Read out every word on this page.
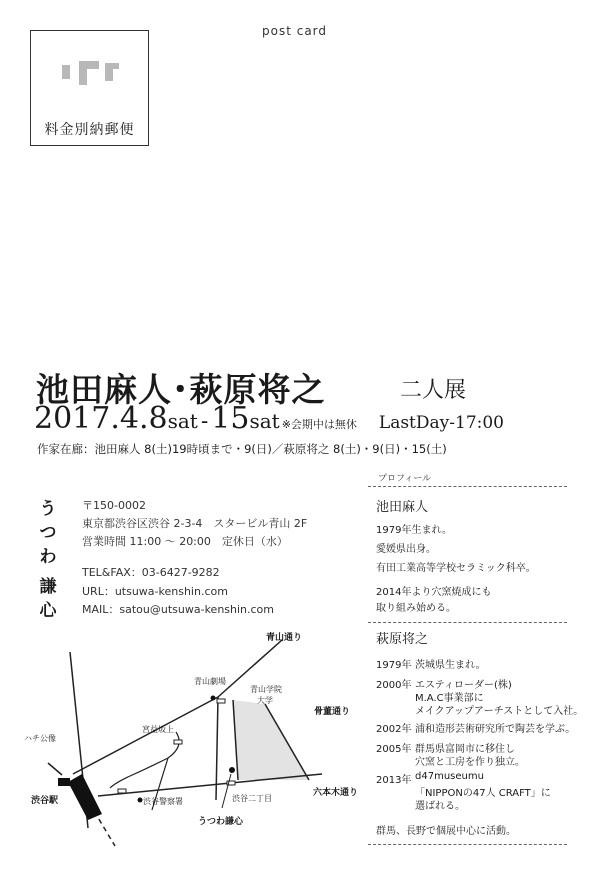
post card
料金別納郵便
池田麻人･萩原将之	二人展
2017.4.8sat - 15sat ※会期中は無休 LastDay-17:00
作家在廊：池田麻人 8(土)19時頃まで・9(日)／萩原将之 8(土)・9(日)・15(土)
う
つ
わ
謙
心
〒150-0002
東京都渋谷区渋谷 2-3-4　スタービル青山 2F
営業時間 11:00 ～ 20:00　定休日（水）
TEL&FAX：03-6427-9282
URL：utsuwa-kenshin.com
MAIL：satou@utsuwa-kenshin.com
プロフィール
池田麻人
1979年生まれ。
愛媛県出身。
有田工業高等学校セラミック科卒。
2014年より穴窯焼成にも
取り組み始める。
萩原将之
1979年 茨城県生まれ。
2000年 エスティローダー(株)
M.A.C事業部に
メイクアップアーチストとして入社。
2002年 浦和造形芸術研究所で陶芸を学ぶ。
2005年 群馬県富岡市に移住し
穴窯と工房を作り独立。
2013年 d47museumu
「NIPPONの47人 CRAFT」に
選ばれる。
群馬、長野で個展中心に活動。
青山通り
青山劇場
青山学院
大学
骨董通り
宮益坂上
ハチ公像
渋谷駅	渋谷警察署	渋谷二丁目
六本木通り
うつわ謙心
